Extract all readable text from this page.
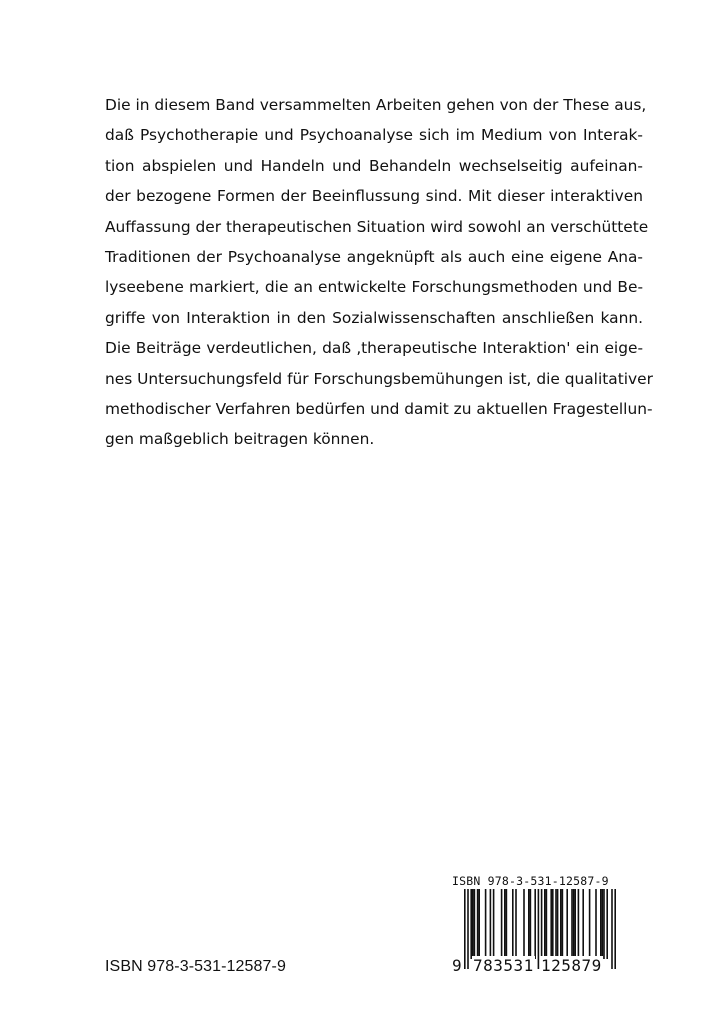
Die in diesem Band versammelten Arbeiten gehen von der These aus,
daß Psychotherapie und Psychoanalyse sich im Medium von Interak-
tion abspielen und Handeln und Behandeln wechselseitig aufeinan-
der bezogene Formen der Beeinflussung sind. Mit dieser interaktiven
Auffassung der therapeutischen Situation wird sowohl an verschüttete
Traditionen der Psychoanalyse angeknüpft als auch eine eigene Ana-
lyseebene markiert, die an entwickelte Forschungsmethoden und Be-
griffe von Interaktion in den Sozialwissenschaften anschließen kann.
Die Beiträge verdeutlichen, daß ‚therapeutische Interaktion' ein eige-
nes Untersuchungsfeld für Forschungsbemühungen ist, die qualitativer
methodischer Verfahren bedürfen und damit zu aktuellen Fragestellun-
gen maßgeblich beitragen können.
ISBN 978-3-531-12587-9
ISBN 978-3-531-12587-9
9 783531 125879
